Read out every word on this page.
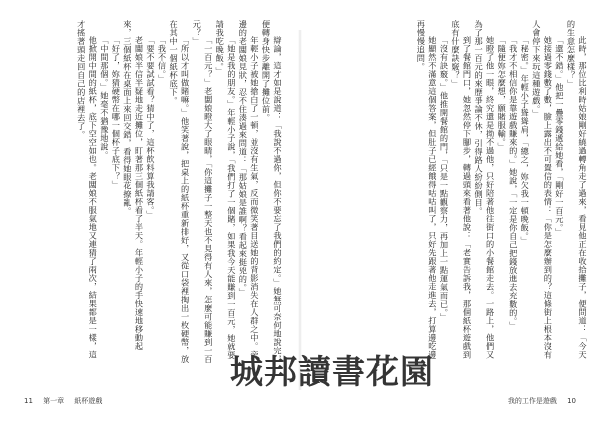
辯論，這才如是說道：「我說不過你，但你不要忘了我們的約定。」她無可奈何地說完，便轉身快步離開了攤位前。

年輕小子被她搶白了一頓，並沒有生氣，反而微笑著目送她的背影消失在人群之中。旁邊的老闆娘見狀，忍不住湊過來問道：「那姑娘是誰啊？看起來挺兇的。」

「她是我的朋友。」年輕小子說，「我們打了一個賭，如果我今天能賺到一百元，她就要請我吃晚飯。」

「一百元？」老闆娘瞪大了眼睛，「你這攤子一整天也不見得有人來，怎麼可能賺到一百元？」

「所以才叫做賭嘛。」他笑著說，把桌上的紙杯重新排好，又從口袋裡掏出一枚硬幣，放在其中一個紙杯底下。

「我不信。」

「要不要試試看？猜中了，這杯飲料算我請客。」

老闆娘半信半疑地走近攤位，盯著那三個紙杯看了半天。年輕小子的手快速地移動起來，三個紙杯在桌面上來回交錯，看得她眼花撩亂。

「好了，妳猜硬幣在哪一個杯子底下？」

「中間那個。」她毫不猶豫地說。

他掀開中間的紙杯，底下空空如也。老闆娘不服氣地又連猜了兩次，結果都是一樣，這才搖著頭走回自己的店裡去了。

11 第一章 紙杯遊戲

此時，那位比利時姑娘剛好繞過轉角走了過來，看見他正在收拾攤子，便問道：「今天的生意怎麼樣？」

「還不錯。」他把一疊零錢遞給她看，「剛好一百元。」

她接過零錢數了數，臉上露出不可置信的表情：「你是怎麼辦到的？這條街上根本沒有人會停下來玩這種遊戲。」

「秘密。」年輕小子聳聳肩，「總之，妳欠我一頓晚飯。」

「我才不相信你是靠遊戲賺來的。」她說，「一定是你自己把錢放進去充數的。」

「隨便妳怎麼想，願賭服輸。」

她瞪了他一眼，終究還是拗不過他，只好陪著他往街口的小餐館走去。一路上，他們又為了那一百元的來歷爭論不休，引得路人紛紛側目。

到了餐館門口，她忽然停下腳步，轉過頭來看著他說：「老實告訴我，那個紙杯遊戲到底有什麼訣竅？」

「沒有訣竅。」他推開餐館的門，「只是一點觀察力，再加上一點運氣而已。」

她顯然不滿意這個答案，但肚子已經餓得咕咕叫了，只好先跟著他走進去，打算邊吃邊再慢慢追問。

我的工作是遊戲 10
城邦讀書花園
